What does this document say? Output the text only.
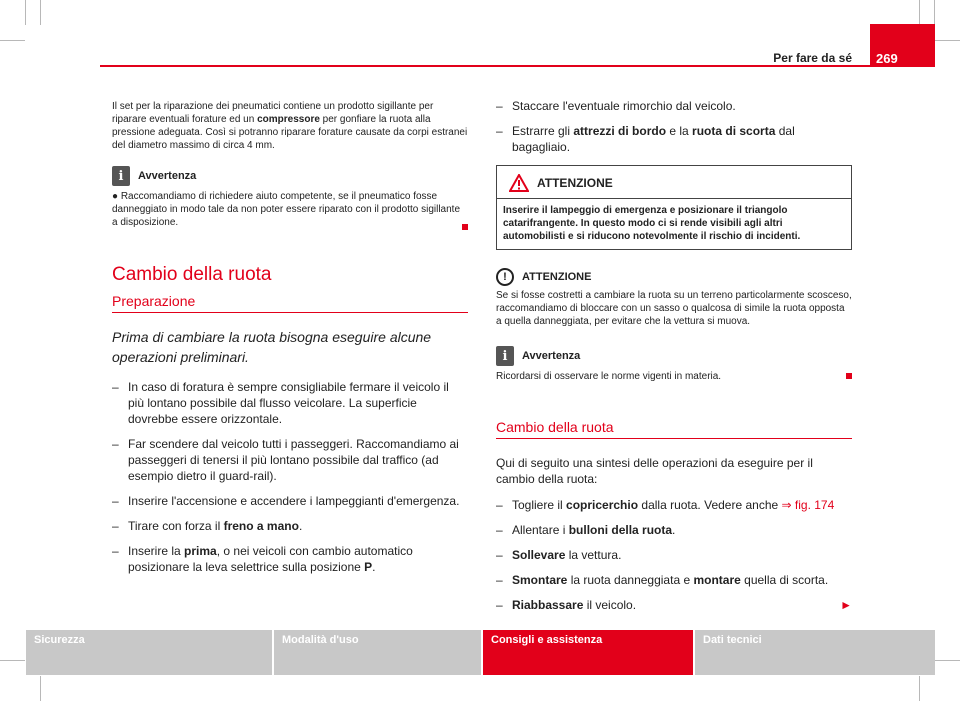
Per fare da sé	269

Il set per la riparazione dei pneumatici contiene un prodotto sigillante per riparare eventuali forature ed un compressore per gonfiare la ruota alla pressione adeguata. Così si potranno riparare forature causate da corpi estranei del diametro massimo di circa 4 mm.

i	Avvertenza

● Raccomandiamo di richiedere aiuto competente, se il pneumatico fosse danneggiato in modo tale da non poter essere riparato con il prodotto sigillante a disposizione.

Cambio della ruota
Preparazione
Prima di cambiare la ruota bisogna eseguire alcune operazioni preliminari.
– In caso di foratura è sempre consigliabile fermare il veicolo il più lontano possibile dal flusso veicolare. La superficie dovrebbe essere orizzontale.
– Far scendere dal veicolo tutti i passeggeri. Raccomandiamo ai passeggeri di tenersi il più lontano possibile dal traffico (ad esempio dietro il guard-rail).
– Inserire l'accensione e accendere i lampeggianti d'emergenza.
– Tirare con forza il freno a mano.
– Inserire la prima, o nei veicoli con cambio automatico posizionare la leva selettrice sulla posizione P.
– Staccare l'eventuale rimorchio dal veicolo.
– Estrarre gli attrezzi di bordo e la ruota di scorta dal bagagliaio.
ATTENZIONE
Inserire il lampeggio di emergenza e posizionare il triangolo catarifrangente. In questo modo ci si rende visibili agli altri automobilisti e si riducono notevolmente il rischio di incidenti.
!	ATTENZIONE

Se si fosse costretti a cambiare la ruota su un terreno particolarmente scosceso, raccomandiamo di bloccare con un sasso o qualcosa di simile la ruota opposta a quella danneggiata, per evitare che la vettura si muova.

i	Avvertenza

Ricordarsi di osservare le norme vigenti in materia.

Cambio della ruota

Qui di seguito una sintesi delle operazioni da eseguire per il cambio della ruota:

– Togliere il copricerchio dalla ruota. Vedere anche ⇒ fig. 174
– Allentare i bulloni della ruota.
– Sollevare la vettura.
– Smontare la ruota danneggiata e montare quella di scorta.
– Riabbassare il veicolo.	►
Sicurezza	Modalità d'uso	Consigli e assistenza	Dati tecnici
